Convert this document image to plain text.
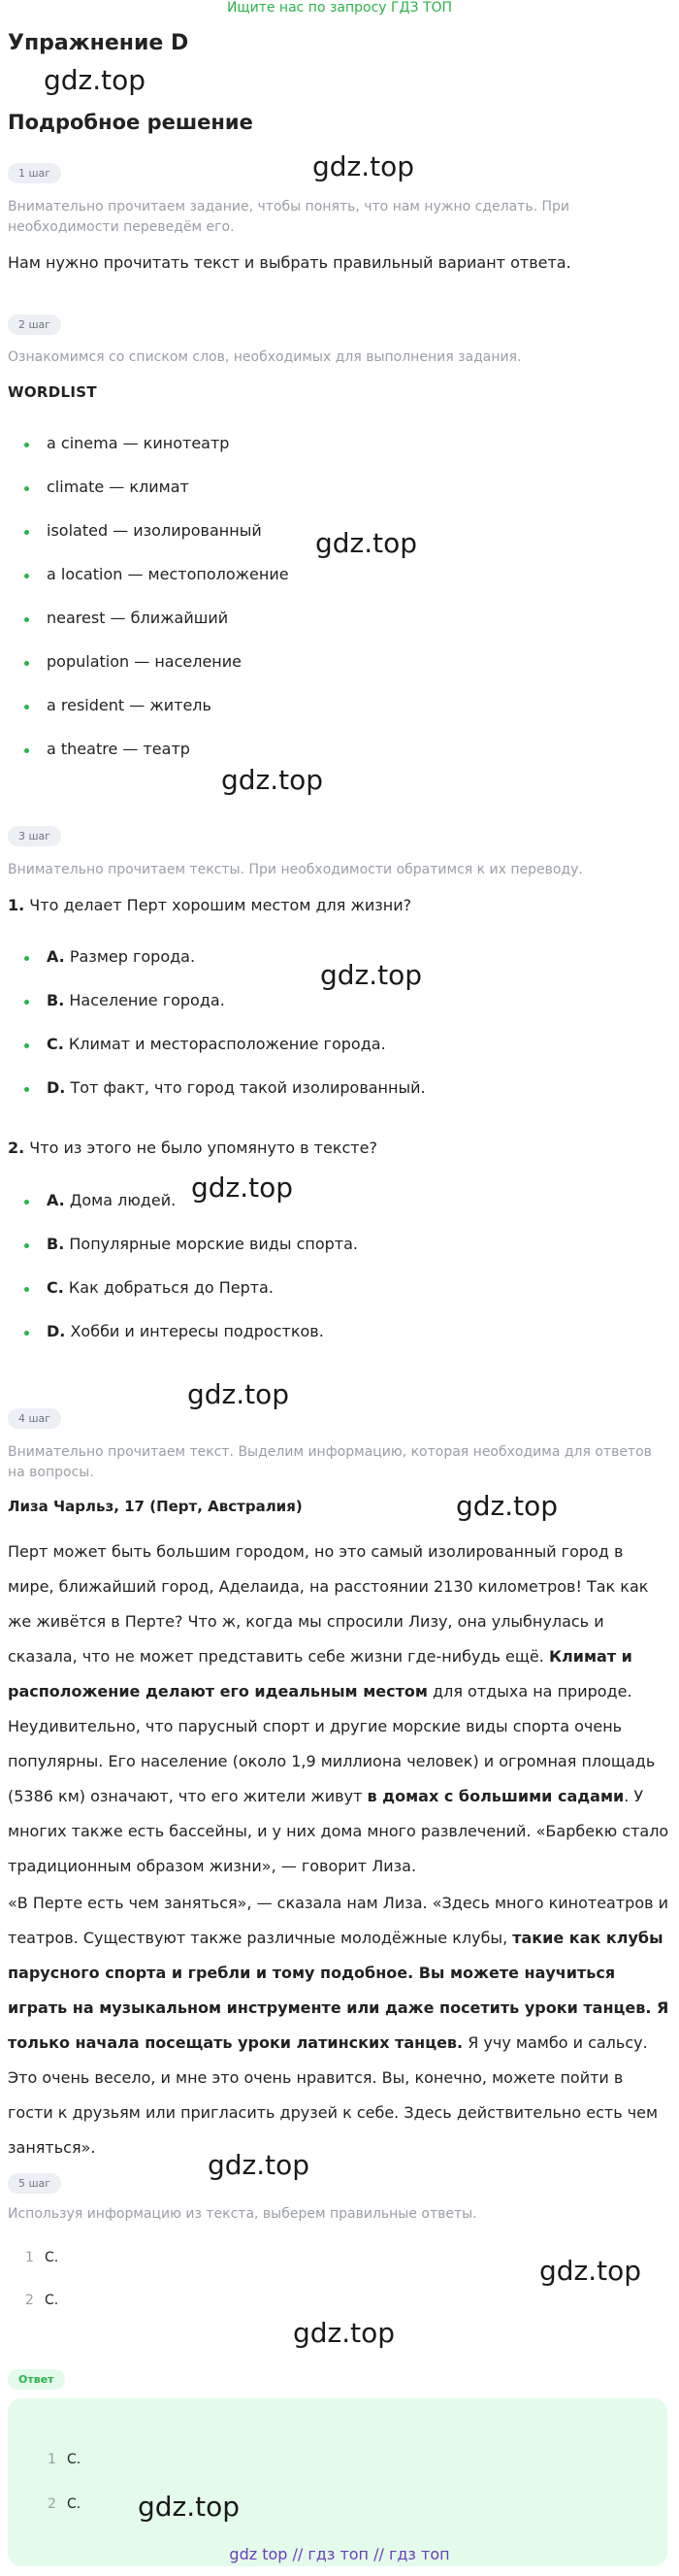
Ищите нас по запросу ГДЗ ТОП
Упражнение D
gdz.top
Подробное решение
gdz.top
1 шаг
Внимательно прочитаем задание, чтобы понять, что нам нужно сделать. При необходимости переведём его.
Нам нужно прочитать текст и выбрать правильный вариант ответа.
2 шаг
Ознакомимся со списком слов, необходимых для выполнения задания.
WORDLIST
a cinema — кинотеатр
climate — климат
isolated — изолированный
a location — местоположение
nearest — ближайший
population — население
a resident — житель
a theatre — театр
gdz.top
gdz.top
3 шаг
Внимательно прочитаем тексты. При необходимости обратимся к их переводу.
1. Что делает Перт хорошим местом для жизни?
A. Размер города.
B. Население города.
C. Климат и месторасположение города.
D. Тот факт, что город такой изолированный.
gdz.top
2. Что из этого не было упомянуто в тексте?
A. Дома людей.
B. Популярные морские виды спорта.
C. Как добраться до Перта.
D. Хобби и интересы подростков.
gdz.top
gdz.top
4 шаг
Внимательно прочитаем текст. Выделим информацию, которая необходима для ответов на вопросы.
Лиза Чарльз, 17 (Перт, Австралия)	gdz.top
Перт может быть большим городом, но это самый изолированный город в мире, ближайший город, Аделаида, на расстоянии 2130 километров! Так как же живётся в Перте? Что ж, когда мы спросили Лизу, она улыбнулась и сказала, что не может представить себе жизни где-нибудь ещё. Климат и расположение делают его идеальным местом для отдыха на природе. Неудивительно, что парусный спорт и другие морские виды спорта очень популярны. Его население (около 1,9 миллиона человек) и огромная площадь (5386 км) означают, что его жители живут в домах с большими садами. У многих также есть бассейны, и у них дома много развлечений. «Барбекю стало традиционным образом жизни», — говорит Лиза.
«В Перте есть чем заняться», — сказала нам Лиза. «Здесь много кинотеатров и театров. Существуют также различные молодёжные клубы, такие как клубы парусного спорта и гребли и тому подобное. Вы можете научиться играть на музыкальном инструменте или даже посетить уроки танцев. Я только начала посещать уроки латинских танцев. Я учу мамбо и сальсу. Это очень весело, и мне это очень нравится. Вы, конечно, можете пойти в гости к друзьям или пригласить друзей к себе. Здесь действительно есть чем заняться».
gdz.top
5 шаг
Используя информацию из текста, выберем правильные ответы.
1 C.
2 C.
gdz.top
gdz.top
Ответ
1 C.
2 C. gdz.top
gdz top // гдз топ // гдз топ
